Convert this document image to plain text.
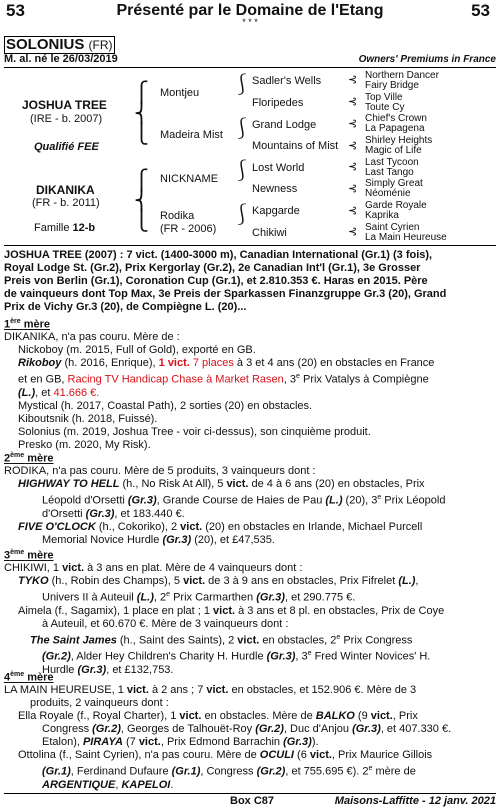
53	Présenté par le Domaine de l'Etang	53
* * *
SOLONIUS (FR)
M. al. né le 26/03/2019	Owners' Premiums in France
JOSHUA TREE
(IRE - b. 2007)
Qualifié FEE
DIKANIKA
(FR - b. 2011)
Famille 12-b
⎧
⎨
⎩
⎧
⎨
⎩
Montjeu
Madeira Mist
NICKNAME
Rodika
(FR - 2006)
⎰
⎰
⎰
⎰
Sadler's Wells
Floripedes
Grand Lodge
Mountains of Mist
Lost World
Newness
Kapgarde
Chikiwi
⊰
⊰
⊰
⊰
⊰
⊰
⊰
⊰
Northern Dancer
Fairy Bridge
Top Ville
Toute Cy
Chief's Crown
La Papagena
Shirley Heights
Magic of Life
Last Tycoon
Last Tango
Simply Great
Néoménie
Garde Royale
Kaprika
Saint Cyrien
La Main Heureuse
JOSHUA TREE (2007) : 7 vict. (1400-3000 m), Canadian International (Gr.1) (3 fois),
Royal Lodge St. (Gr.2), Prix Kergorlay (Gr.2), 2e Canadian Int'l (Gr.1), 3e Grosser
Preis von Berlin (Gr.1), Coronation Cup (Gr.1), et 2.810.353 €. Haras en 2015. Père
de vainqueurs dont Top Max, 3e Preis der Sparkassen Finanzgruppe Gr.3 (20), Grand
Prix de Vichy Gr.3 (20), de Compiègne L. (20)...
1ère mère
DIKANIKA, n'a pas couru. Mère de :
Nickoboy (m. 2015, Full of Gold), exporté en GB.
Rikoboy (h. 2016, Enrique), 1 vict. 7 places à 3 et 4 ans (20) en obstacles en France
et en GB, Racing TV Handicap Chase à Market Rasen, 3e Prix Vatalys à Compiègne
(L.), et 41.666 €.
Mystical (h. 2017, Coastal Path), 2 sorties (20) en obstacles.
Kiboutsnik (h. 2018, Fuissé).
Solonius (m. 2019, Joshua Tree - voir ci-dessus), son cinquième produit.
Presko (m. 2020, My Risk).
2ème mère
RODIKA, n'a pas couru. Mère de 5 produits, 3 vainqueurs dont :
HIGHWAY TO HELL (h., No Risk At All), 5 vict. de 4 à 6 ans (20) en obstacles, Prix
Léopold d'Orsetti (Gr.3), Grande Course de Haies de Pau (L.) (20), 3e Prix Léopold
d'Orsetti (Gr.3), et 183.440 €.
FIVE O'CLOCK (h., Cokoriko), 2 vict. (20) en obstacles en Irlande, Michael Purcell
Memorial Novice Hurdle (Gr.3) (20), et £47,535.
3ème mère
CHIKIWI, 1 vict. à 3 ans en plat. Mère de 4 vainqueurs dont :
TYKO (h., Robin des Champs), 5 vict. de 3 à 9 ans en obstacles, Prix Fifrelet (L.),
Univers II à Auteuil (L.), 2e Prix Carmarthen (Gr.3), et 290.775 €.
Aimela (f., Sagamix), 1 place en plat ; 1 vict. à 3 ans et 8 pl. en obstacles, Prix de Coye
à Auteuil, et 60.670 €. Mère de 3 vainqueurs dont :
The Saint James (h., Saint des Saints), 2 vict. en obstacles, 2e Prix Congress
(Gr.2), Alder Hey Children's Charity H. Hurdle (Gr.3), 3e Fred Winter Novices' H.
Hurdle (Gr.3), et £132,753.
4ème mère
LA MAIN HEUREUSE, 1 vict. à 2 ans ; 7 vict. en obstacles, et 152.906 €. Mère de 3
produits, 2 vainqueurs dont :
Ella Royale (f., Royal Charter), 1 vict. en obstacles. Mère de BALKO (9 vict., Prix
Congress (Gr.2), Georges de Talhouët-Roy (Gr.2), Duc d'Anjou (Gr.3), et 407.330 €.
Etalon), PIRAYA (7 vict., Prix Edmond Barrachin (Gr.3)).
Ottolina (f., Saint Cyrien), n'a pas couru. Mère de OCULI (6 vict., Prix Maurice Gillois
(Gr.1), Ferdinand Dufaure (Gr.1), Congress (Gr.2), et 755.695 €). 2e mère de
ARGENTIQUE, KAPELOI.
Box C87	Maisons-Laffitte - 12 janv. 2021
